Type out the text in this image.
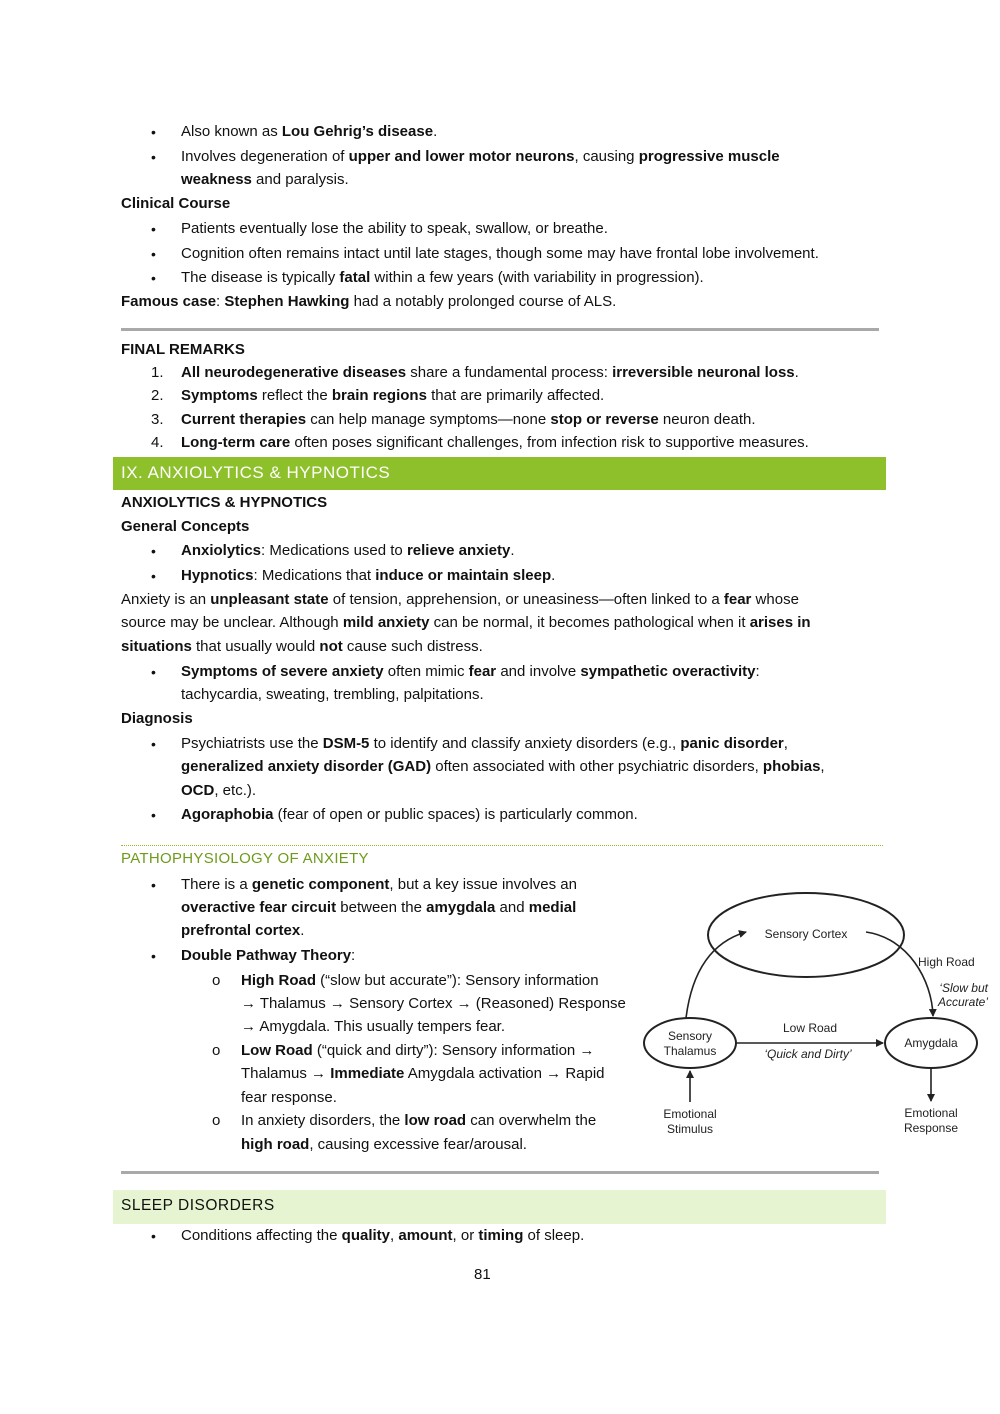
• Also known as Lou Gehrig’s disease.
• Involves degeneration of upper and lower motor neurons, causing progressive muscle
weakness and paralysis.
Clinical Course
• Patients eventually lose the ability to speak, swallow, or breathe.
• Cognition often remains intact until late stages, though some may have frontal lobe involvement.
• The disease is typically fatal within a few years (with variability in progression).
Famous case: Stephen Hawking had a notably prolonged course of ALS.
FINAL REMARKS
1. All neurodegenerative diseases share a fundamental process: irreversible neuronal loss.
2. Symptoms reflect the brain regions that are primarily affected.
3. Current therapies can help manage symptoms—none stop or reverse neuron death.
4. Long-term care often poses significant challenges, from infection risk to supportive measures.
IX. ANXIOLYTICS & HYPNOTICS
ANXIOLYTICS & HYPNOTICS
General Concepts
• Anxiolytics: Medications used to relieve anxiety.
• Hypnotics: Medications that induce or maintain sleep.
Anxiety is an unpleasant state of tension, apprehension, or uneasiness—often linked to a fear whose
source may be unclear. Although mild anxiety can be normal, it becomes pathological when it arises in
situations that usually would not cause such distress.
• Symptoms of severe anxiety often mimic fear and involve sympathetic overactivity:
tachycardia, sweating, trembling, palpitations.
Diagnosis
• Psychiatrists use the DSM-5 to identify and classify anxiety disorders (e.g., panic disorder,
generalized anxiety disorder (GAD) often associated with other psychiatric disorders, phobias,
OCD, etc.).
• Agoraphobia (fear of open or public spaces) is particularly common.
PATHOPHYSIOLOGY OF ANXIETY
• There is a genetic component, but a key issue involves an
overactive fear circuit between the amygdala and medial
prefrontal cortex.
• Double Pathway Theory:
o High Road (“slow but accurate”): Sensory information
→ Thalamus → Sensory Cortex → (Reasoned) Response
→ Amygdala. This usually tempers fear.
o Low Road (“quick and dirty”): Sensory information →
Thalamus → Immediate Amygdala activation → Rapid
fear response.
o In anxiety disorders, the low road can overwhelm the
high road, causing excessive fear/arousal.
Sensory Cortex
High Road
‘Slow but
Accurate’
Sensory
Thalamus
Low Road
‘Quick and Dirty’
Amygdala
Emotional
Stimulus
Emotional
Response
SLEEP DISORDERS
• Conditions affecting the quality, amount, or timing of sleep.
81
